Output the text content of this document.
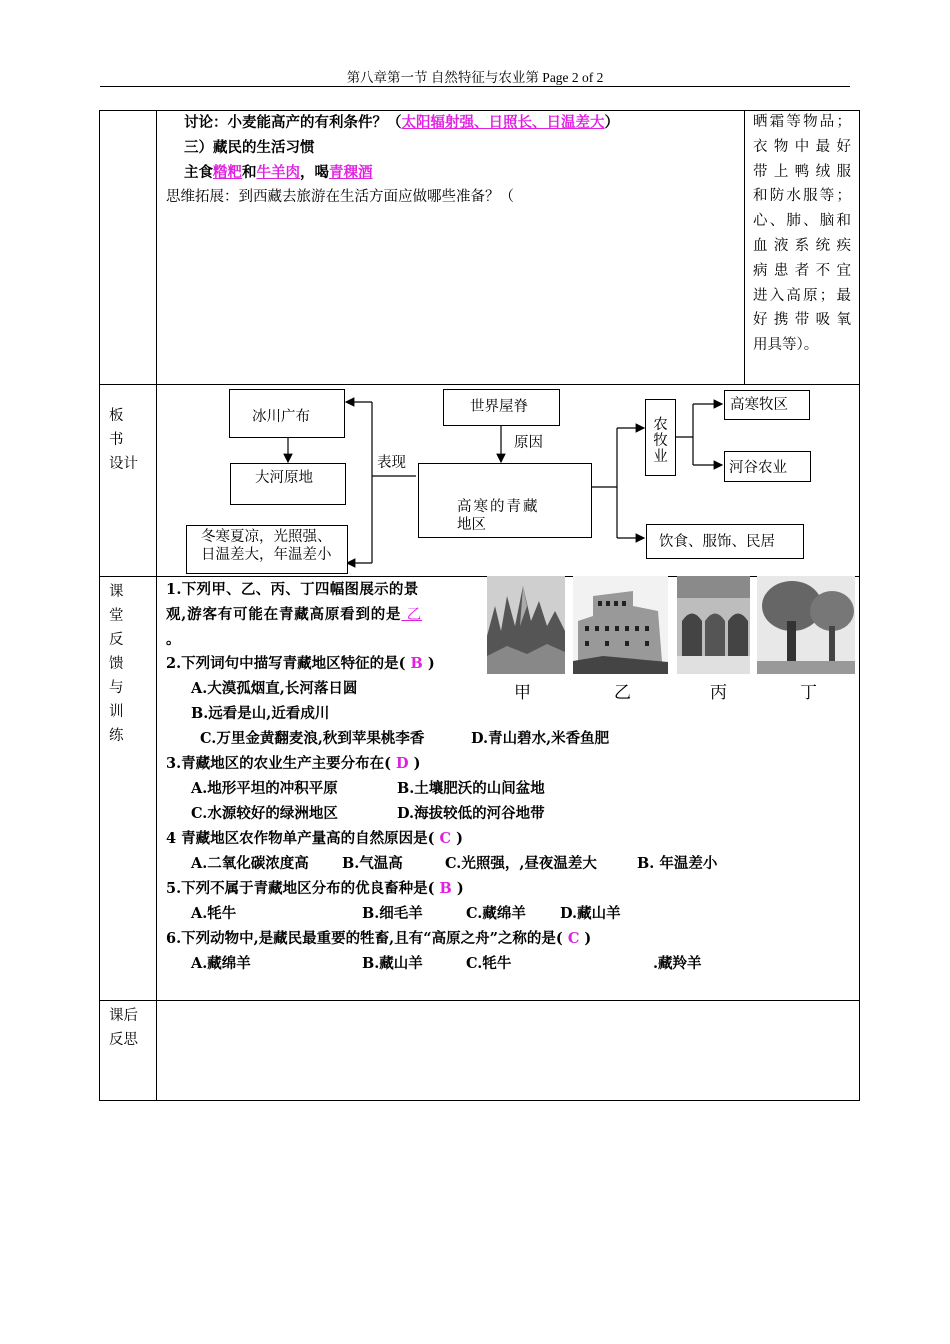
第八章第一节 自然特征与农业第 Page 2 of 2
讨论：小麦能高产的有利条件？（太阳辐射强、日照长、日温差大）
三）藏民的生活习惯
主食糌粑和牛羊肉，喝青稞酒
思维拓展：到西藏去旅游在生活方面应做哪些准备？（
晒霜等物品；
衣物中最好
带上鸭绒服
和防水服等；
心、肺、脑和
血液系统疾
病患者不宜
进入高原；最
好携带吸氧
用具等）。
板 书
设计
冰川广布
世界屋脊
原因
大河原地
表现
高寒的青藏
地区
冬寒夏凉，光照强、
日温差大，年温差小
农
牧
业
高寒牧区
河谷农业
饮食、服饰、民居
课 堂
反 馈
与 训
练
1.下列甲、乙、丙、丁四幅图展示的景
观,游客有可能在青藏高原看到的是 乙
。
甲	乙	丙	丁
2.下列词句中描写青藏地区特征的是( B )
A.大漠孤烟直,长河落日圆
B.远看是山,近看成川
C.万里金黄翻麦浪,秋到苹果桃李香	D.青山碧水,米香鱼肥
3.青藏地区的农业生产主要分布在( D )
A.地形平坦的冲积平原	B.土壤肥沃的山间盆地
C.水源较好的绿洲地区	D.海拔较低的河谷地带
4 青藏地区农作物单产量高的自然原因是( C )
A.二氧化碳浓度高 B.气温高	C.光照强，,昼夜温差大	B. 年温差小
5.下列不属于青藏地区分布的优良畜种是( B )
A.牦牛	B.细毛羊	C.藏绵羊 D.藏山羊
6.下列动物中,是藏民最重要的牲畜,且有“高原之舟”之称的是( C )
A.藏绵羊	B.藏山羊	C.牦牛	.藏羚羊
课后
反思
